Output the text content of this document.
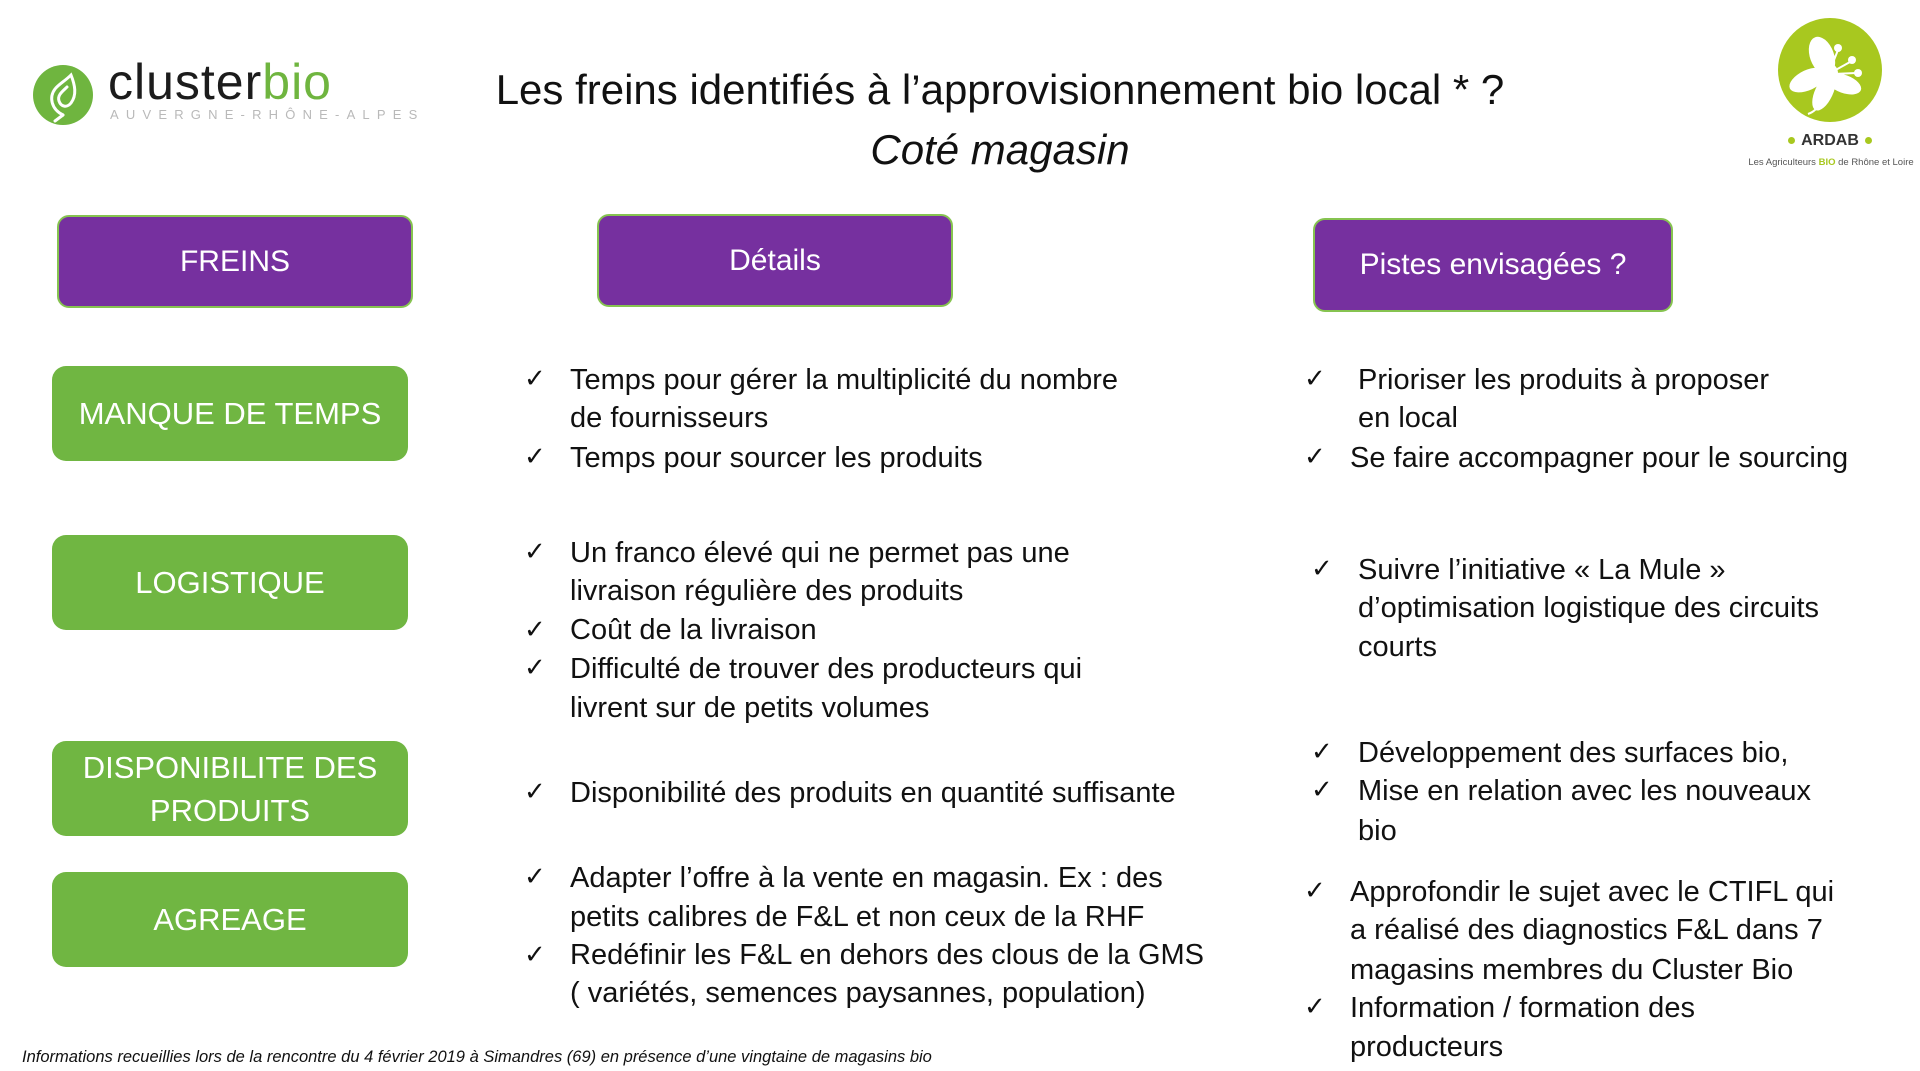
clusterbio
AUVERGNE-RHÔNE-ALPES
ARDAB
Les Agriculteurs BIO de Rhône et Loire
Les freins identifiés à l’approvisionnement bio local * ?
Coté magasin
FREINS	Détails	Pistes envisagées ?
MANQUE DE TEMPS
LOGISTIQUE
DISPONIBILITE DES
PRODUITS
AGREAGE
✓ Temps pour gérer la multiplicité du nombre
de fournisseurs
✓ Temps pour sourcer les produits
✓ Un franco élevé qui ne permet pas une
livraison régulière des produits
✓ Coût de la livraison
✓ Difficulté de trouver des producteurs qui
livrent sur de petits volumes
✓ Disponibilité des produits en quantité suffisante
✓ Adapter l’offre à la vente en magasin. Ex : des
petits calibres de F&L et non ceux de la RHF
✓ Redéfinir les F&L en dehors des clous de la GMS
( variétés, semences paysannes, population)
✓ Prioriser les produits à proposer
en local
✓ Se faire accompagner pour le sourcing
✓ Suivre l’initiative « La Mule »
d’optimisation logistique des circuits
courts
✓ Développement des surfaces bio,
✓ Mise en relation avec les nouveaux
bio
✓ Approfondir le sujet avec le CTIFL qui
a réalisé des diagnostics F&L dans 7
magasins membres du Cluster Bio
✓ Information / formation des
producteurs
Informations recueillies lors de la rencontre du 4 février 2019 à Simandres (69) en présence d’une vingtaine de magasins bio
